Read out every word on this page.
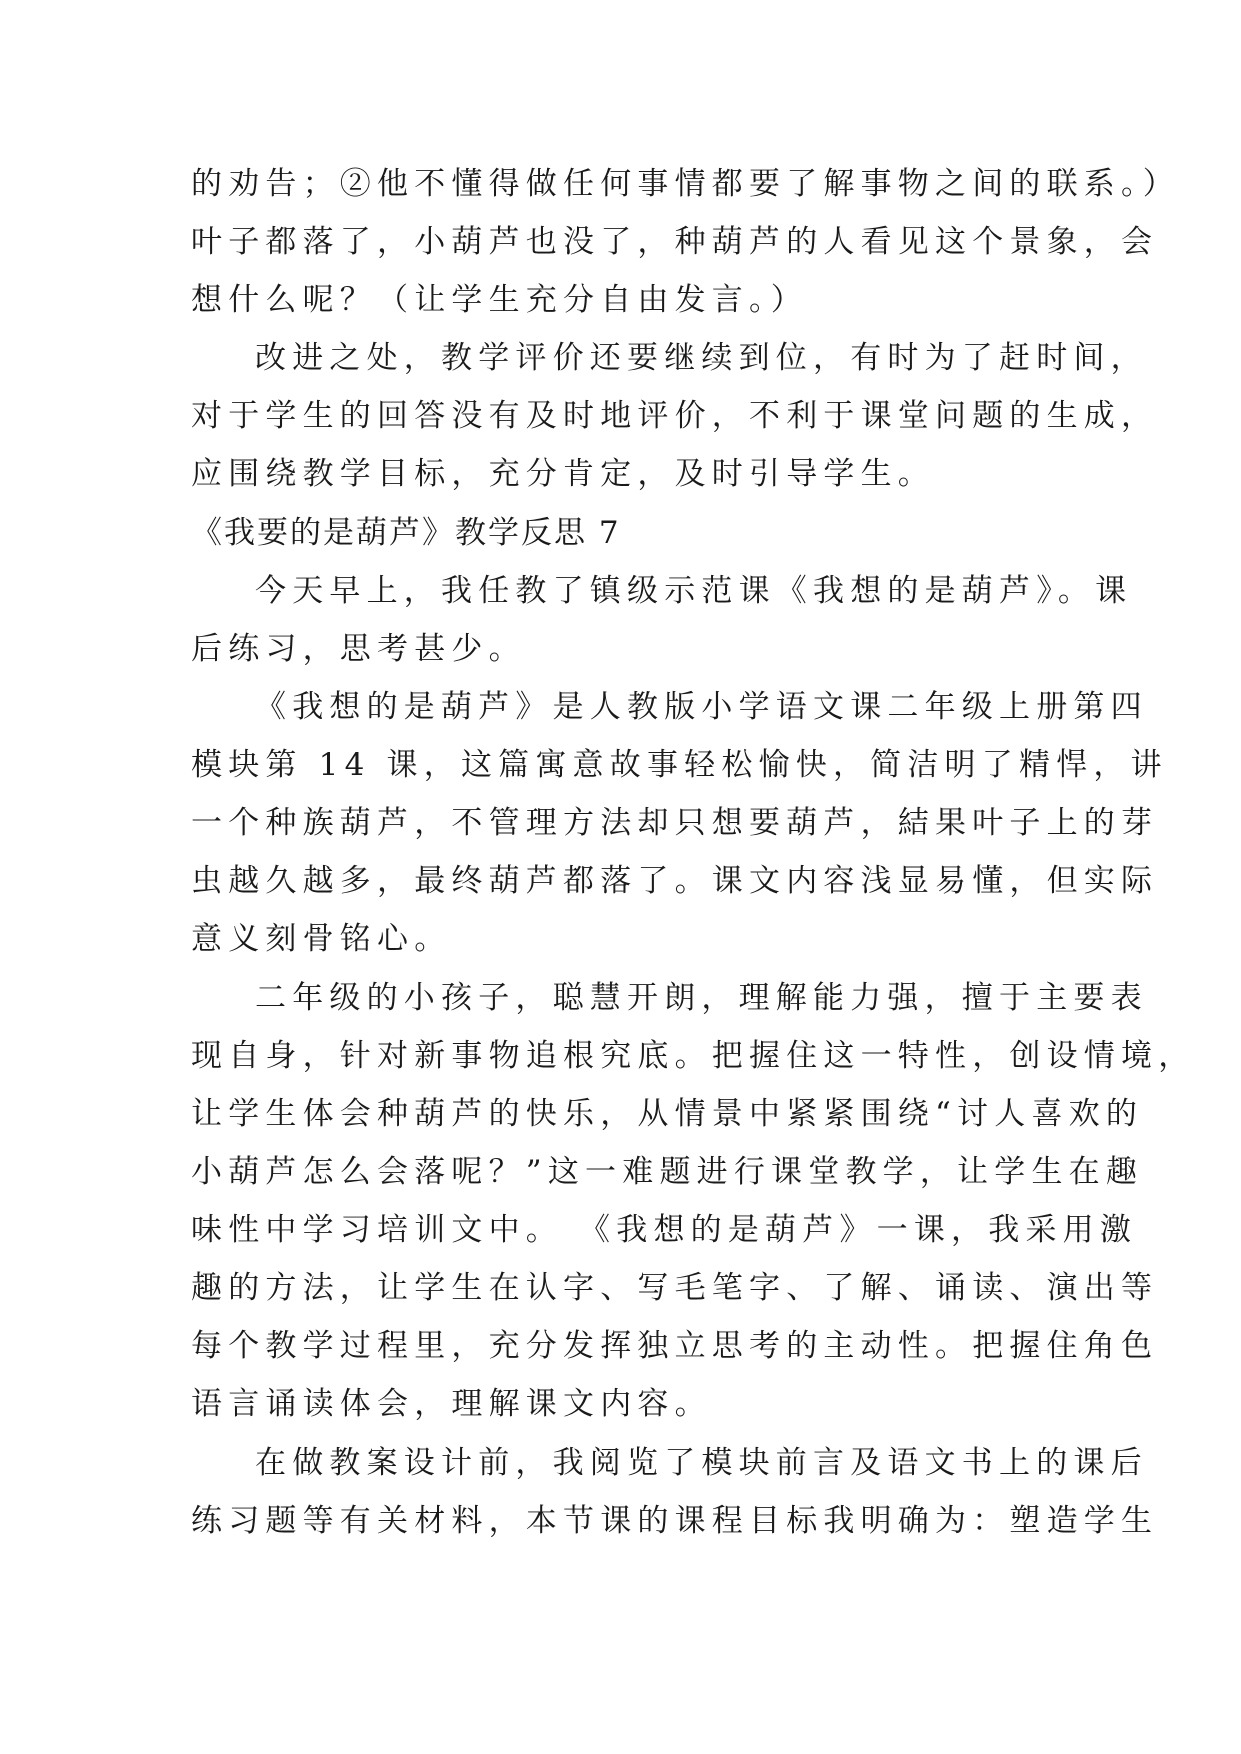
的劝告；②他不懂得做任何事情都要了解事物之间的联系。）
叶子都落了，小葫芦也没了，种葫芦的人看见这个景象，会
想什么呢？（让学生充分自由发言。）
改进之处，教学评价还要继续到位，有时为了赶时间，
对于学生的回答没有及时地评价，不利于课堂问题的生成，
应围绕教学目标，充分肯定，及时引导学生。
《我要的是葫芦》教学反思 7
今天早上，我任教了镇级示范课《我想的是葫芦》。课
后练习，思考甚少。
《我想的是葫芦》是人教版小学语文课二年级上册第四
模块第 14 课，这篇寓意故事轻松愉快，简洁明了精悍，讲
一个种族葫芦，不管理方法却只想要葫芦，結果叶子上的芽
虫越久越多，最终葫芦都落了。课文内容浅显易懂，但实际
意义刻骨铭心。
二年级的小孩子，聪慧开朗，理解能力强，擅于主要表
现自身，针对新事物追根究底。把握住这一特性，创设情境，
让学生体会种葫芦的快乐，从情景中紧紧围绕“讨人喜欢的
小葫芦怎么会落呢？”这一难题进行课堂教学，让学生在趣
味性中学习培训文中。 《我想的是葫芦》一课，我采用激
趣的方法，让学生在认字、写毛笔字、了解、诵读、演出等
每个教学过程里，充分发挥独立思考的主动性。把握住角色
语言诵读体会，理解课文内容。
在做教案设计前，我阅览了模块前言及语文书上的课后
练习题等有关材料，本节课的课程目标我明确为：塑造学生
